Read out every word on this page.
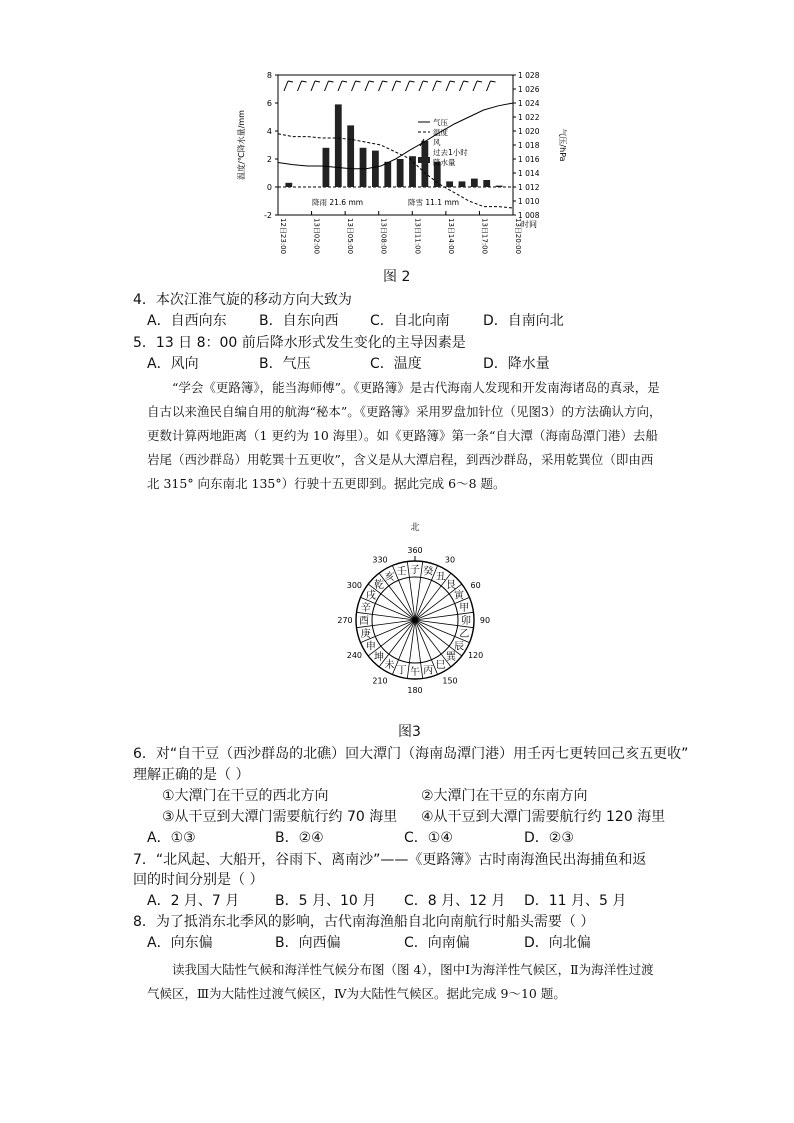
8
6
4
2
0
-2
1 028
1 026
1 024
1 022
1 020
1 018
1 016
1 014
1 012
1 010
1 008
温度/℃降水量/mm	气压/hPa
12日23:00	13日02:00	13日05:00	13日08:00	13日11:00	13日14:00	13日17:00	13日20:00 时间
气压
温度
风
过去1小时
降水量
降雨 21.6 mm	降雪 11.1 mm
图 2
4．本次江淮气旋的移动方向大致为
A．自西向东 B．自东向西 C．自北向南 D．自南向北
5．13 日 8：00 前后降水形式发生变化的主导因素是
A．风向	B．气压	C．温度	D．降水量
“学会《更路簿》，能当海师傅”。《更路簿》是古代海南人发现和开发南海诸岛的真录，是自古以来渔民自编自用的航海“秘本”。《更路簿》采用罗盘加针位（见图3）的方法确认方向，更数计算两地距离（1 更约为 10 海里）。如《更路簿》第一条“自大潭（海南岛潭门港）去船岩尾（西沙群岛）用乾巽十五更收”，含义是从大潭启程，到西沙群岛，采用乾巽位（即由西北 315° 向东南北 135°）行驶十五更即到。据此完成 6～8 题。
子 癸 丑
艮
寅
甲
卯
乙
辰
巽
巳
丙
午
丁
未
坤
申
庚
酉
辛
戌
乾
亥 壬
360
30
60
90
120
150
180
210
240
270
300
330
北
图3
6．对“自干豆（西沙群岛的北礁）回大潭门（海南岛潭门港）用壬丙七更转回己亥五更收”
理解正确的是（ ）
①大潭门在干豆的西北方向	②大潭门在干豆的东南方向
③从干豆到大潭门需要航行约 70 海里 ④从干豆到大潭门需要航行约 120 海里
A．①③	B．②④	C．①④	D．②③
7．“北风起、大船开，谷雨下、离南沙”——《更路簿》古时南海渔民出海捕鱼和返
回的时间分别是（ ）
A．2 月、7 月	B．5 月、10 月 C．8 月、12 月 D．11 月、5 月
8．为了抵消东北季风的影响，古代南海渔船自北向南航行时船头需要（ ）
A．向东偏	B．向西偏	C．向南偏	D．向北偏
读我国大陆性气候和海洋性气候分布图（图 4），图中Ⅰ为海洋性气候区，Ⅱ为海洋性过渡气候区，Ⅲ为大陆性过渡气候区，Ⅳ为大陆性气候区。据此完成 9～10 题。
